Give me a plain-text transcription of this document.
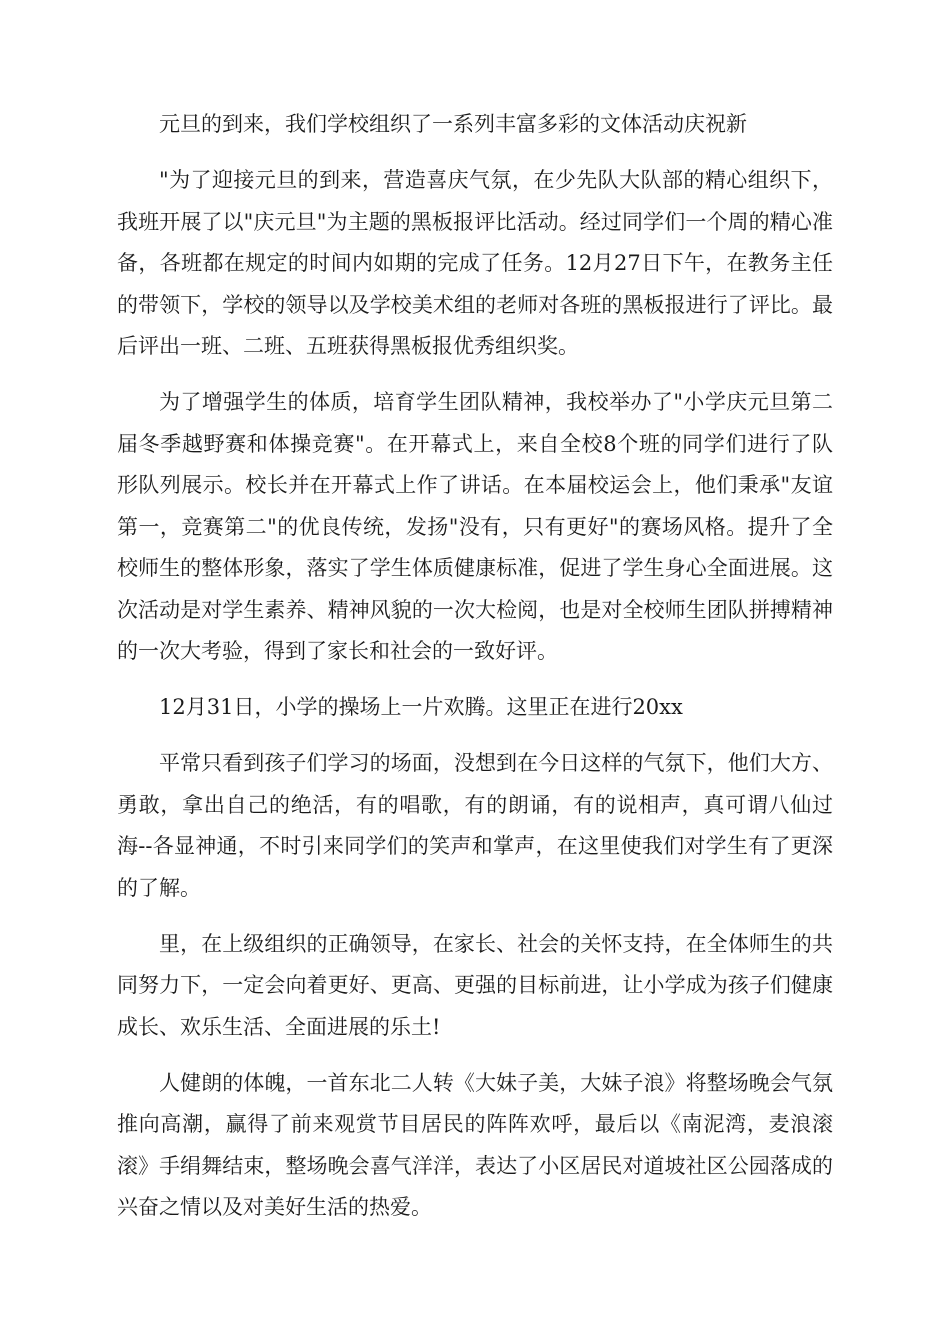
元旦的到来，我们学校组织了一系列丰富多彩的文体活动庆祝新

"为了迎接元旦的到来，营造喜庆气氛，在少先队大队部的精心组织下，我班开展了以"庆元旦"为主题的黑板报评比活动。经过同学们一个周的精心准备，各班都在规定的时间内如期的完成了任务。12月27日下午，在教务主任的带领下，学校的领导以及学校美术组的老师对各班的黑板报进行了评比。最后评出一班、二班、五班获得黑板报优秀组织奖。

为了增强学生的体质，培育学生团队精神，我校举办了"小学庆元旦第二届冬季越野赛和体操竞赛"。在开幕式上，来自全校8个班的同学们进行了队形队列展示。校长并在开幕式上作了讲话。在本届校运会上，他们秉承"友谊第一，竞赛第二"的优良传统，发扬"没有，只有更好"的赛场风格。提升了全校师生的整体形象，落实了学生体质健康标准，促进了学生身心全面进展。这次活动是对学生素养、精神风貌的一次大检阅，也是对全校师生团队拼搏精神的一次大考验，得到了家长和社会的一致好评。

12月31日，小学的操场上一片欢腾。这里正在进行20xx

平常只看到孩子们学习的场面，没想到在今日这样的气氛下，他们大方、勇敢，拿出自己的绝活，有的唱歌，有的朗诵，有的说相声，真可谓八仙过海--各显神通，不时引来同学们的笑声和掌声，在这里使我们对学生有了更深的了解。

里，在上级组织的正确领导，在家长、社会的关怀支持，在全体师生的共同努力下，一定会向着更好、更高、更强的目标前进，让小学成为孩子们健康成长、欢乐生活、全面进展的乐土!

人健朗的体魄，一首东北二人转《大妹子美，大妹子浪》将整场晚会气氛推向高潮，赢得了前来观赏节目居民的阵阵欢呼，最后以《南泥湾，麦浪滚滚》手绢舞结束，整场晚会喜气洋洋，表达了小区居民对道坡社区公园落成的兴奋之情以及对美好生活的热爱。
